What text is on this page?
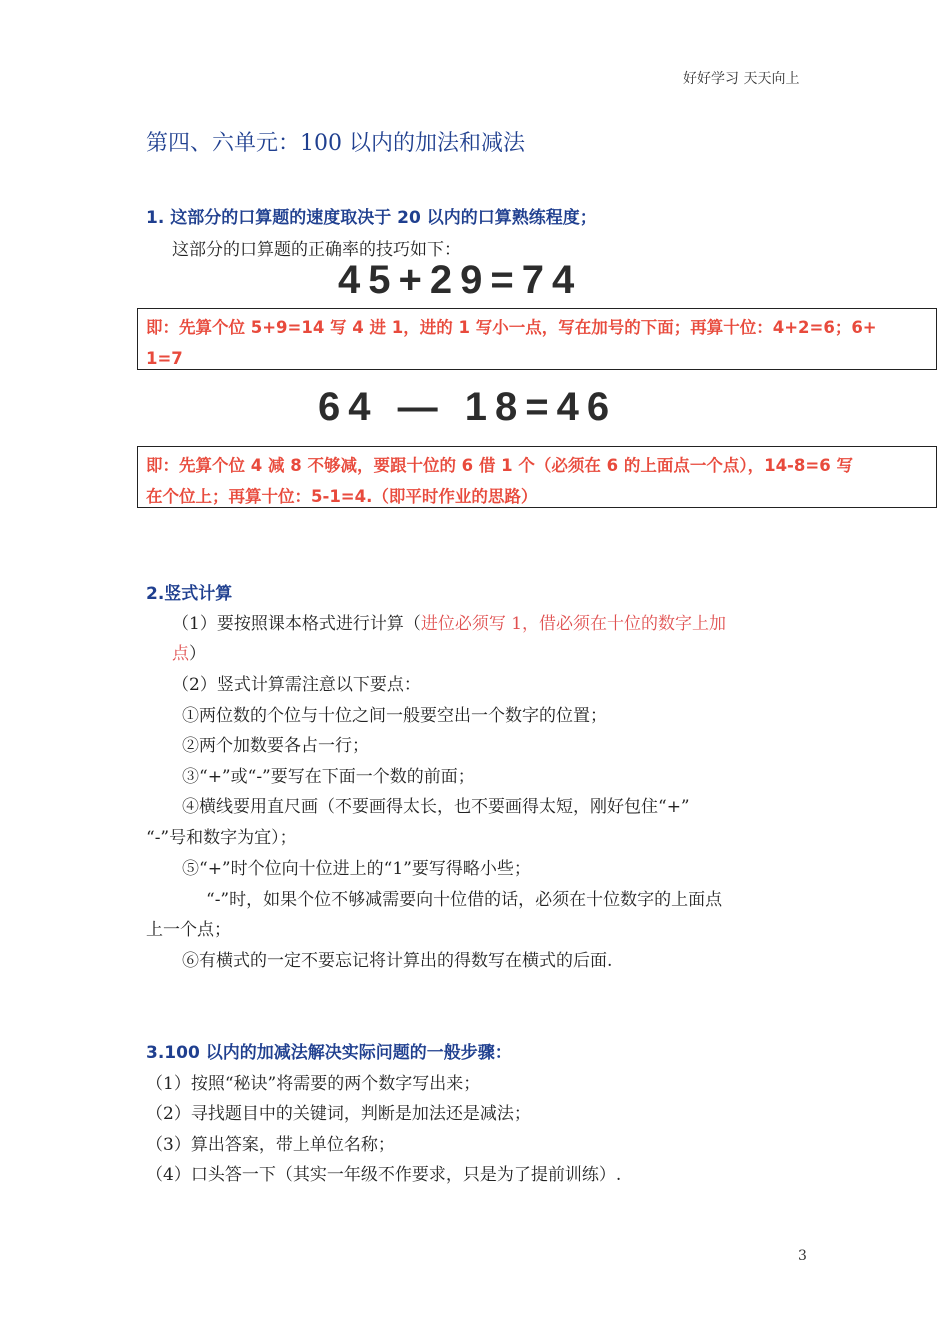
好好学习 天天向上
第四、六单元：100 以内的加法和减法
1. 这部分的口算题的速度取决于 20 以内的口算熟练程度；
这部分的口算题的正确率的技巧如下：
45+29=74
即：先算个位 5+9=14 写 4 进 1，进的 1 写小一点，写在加号的下面；再算十位：4+2=6；6+
1=7
64 — 18=46
即：先算个位 4 减 8 不够减，要跟十位的 6 借 1 个（必须在 6 的上面点一个点），14-8=6 写
在个位上；再算十位：5-1=4.（即平时作业的思路）
2.竖式计算
（1）要按照课本格式进行计算（进位必须写 1，借必须在十位的数字上加
点）
（2）竖式计算需注意以下要点：
①两位数的个位与十位之间一般要空出一个数字的位置；
②两个加数要各占一行；
③“+”或“-”要写在下面一个数的前面；
④横线要用直尺画（不要画得太长，也不要画得太短，刚好包住“+”
“-”号和数字为宜）；
⑤“+”时个位向十位进上的“1”要写得略小些；
“-”时，如果个位不够减需要向十位借的话，必须在十位数字的上面点
上一个点；
⑥有横式的一定不要忘记将计算出的得数写在横式的后面.
3.100 以内的加减法解决实际问题的一般步骤：
（1）按照“秘诀”将需要的两个数字写出来；
（2）寻找题目中的关键词，判断是加法还是减法；
（3）算出答案，带上单位名称；
（4）口头答一下（其实一年级不作要求，只是为了提前训练）.
3
